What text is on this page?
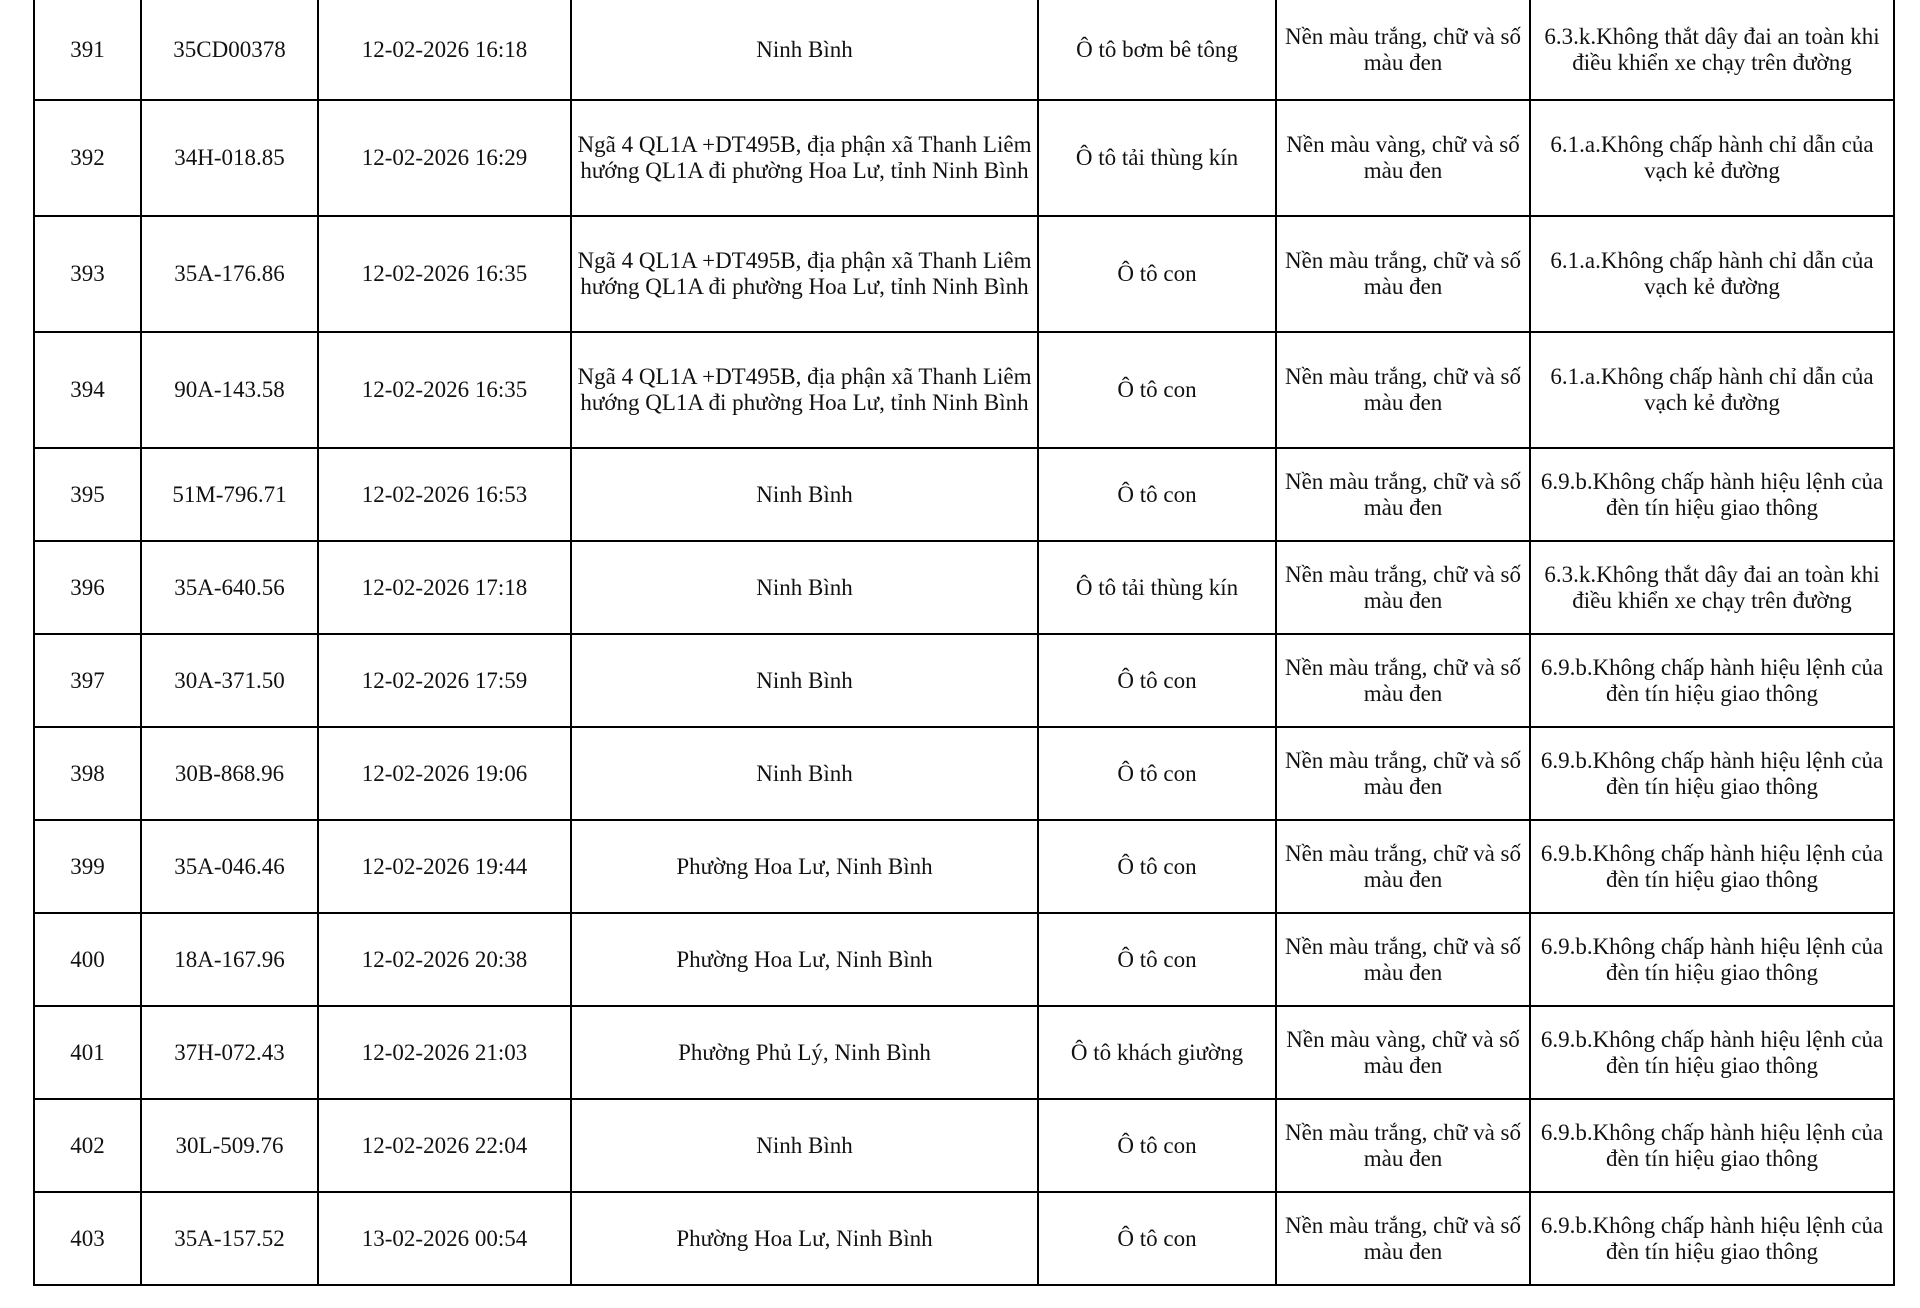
391	35CD00378	12-02-2026 16:18	Ninh Bình	Ô tô bơm bê tông	Nền màu trắng, chữ và số màu đen	6.3.k.Không thắt dây đai an toàn khi điều khiển xe chạy trên đường
392	34H-018.85	12-02-2026 16:29	Ngã 4 QL1A +DT495B, địa phận xã Thanh Liêm hướng QL1A đi phường Hoa Lư, tỉnh Ninh Bình	Ô tô tải thùng kín	Nền màu vàng, chữ và số màu đen	6.1.a.Không chấp hành chỉ dẫn của vạch kẻ đường
393	35A-176.86	12-02-2026 16:35	Ngã 4 QL1A +DT495B, địa phận xã Thanh Liêm hướng QL1A đi phường Hoa Lư, tỉnh Ninh Bình	Ô tô con	Nền màu trắng, chữ và số màu đen	6.1.a.Không chấp hành chỉ dẫn của vạch kẻ đường
394	90A-143.58	12-02-2026 16:35	Ngã 4 QL1A +DT495B, địa phận xã Thanh Liêm hướng QL1A đi phường Hoa Lư, tỉnh Ninh Bình	Ô tô con	Nền màu trắng, chữ và số màu đen	6.1.a.Không chấp hành chỉ dẫn của vạch kẻ đường
395	51M-796.71	12-02-2026 16:53	Ninh Bình	Ô tô con	Nền màu trắng, chữ và số màu đen	6.9.b.Không chấp hành hiệu lệnh của đèn tín hiệu giao thông
396	35A-640.56	12-02-2026 17:18	Ninh Bình	Ô tô tải thùng kín	Nền màu trắng, chữ và số màu đen	6.3.k.Không thắt dây đai an toàn khi điều khiển xe chạy trên đường
397	30A-371.50	12-02-2026 17:59	Ninh Bình	Ô tô con	Nền màu trắng, chữ và số màu đen	6.9.b.Không chấp hành hiệu lệnh của đèn tín hiệu giao thông
398	30B-868.96	12-02-2026 19:06	Ninh Bình	Ô tô con	Nền màu trắng, chữ và số màu đen	6.9.b.Không chấp hành hiệu lệnh của đèn tín hiệu giao thông
399	35A-046.46	12-02-2026 19:44	Phường Hoa Lư, Ninh Bình	Ô tô con	Nền màu trắng, chữ và số màu đen	6.9.b.Không chấp hành hiệu lệnh của đèn tín hiệu giao thông
400	18A-167.96	12-02-2026 20:38	Phường Hoa Lư, Ninh Bình	Ô tô con	Nền màu trắng, chữ và số màu đen	6.9.b.Không chấp hành hiệu lệnh của đèn tín hiệu giao thông
401	37H-072.43	12-02-2026 21:03	Phường Phủ Lý, Ninh Bình	Ô tô khách giường	Nền màu vàng, chữ và số màu đen	6.9.b.Không chấp hành hiệu lệnh của đèn tín hiệu giao thông
402	30L-509.76	12-02-2026 22:04	Ninh Bình	Ô tô con	Nền màu trắng, chữ và số màu đen	6.9.b.Không chấp hành hiệu lệnh của đèn tín hiệu giao thông
403	35A-157.52	13-02-2026 00:54	Phường Hoa Lư, Ninh Bình	Ô tô con	Nền màu trắng, chữ và số màu đen	6.9.b.Không chấp hành hiệu lệnh của đèn tín hiệu giao thông
